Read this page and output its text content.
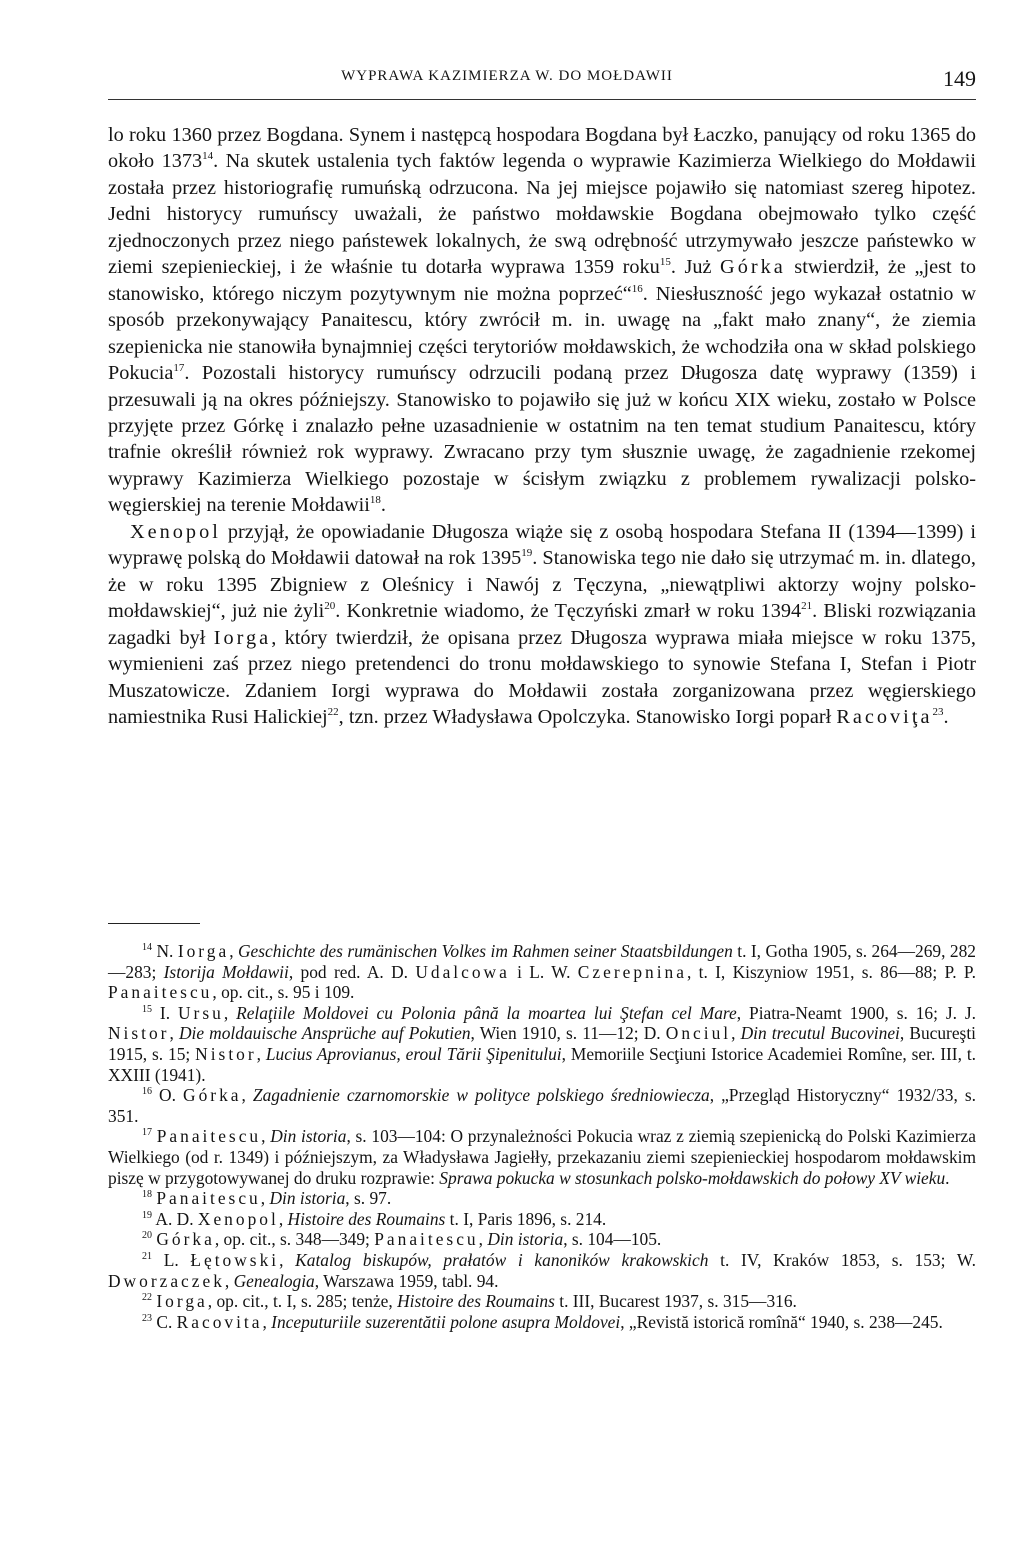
WYPRAWA KAZIMIERZA W. DO MOŁDAWII	149

lo roku 1360 przez Bogdana. Synem i następcą hospodara Bogdana był Łaczko, panujący od roku 1365 do około 1373$^{14}$. Na skutek ustalenia tych faktów legenda o wyprawie Kazimierza Wielkiego do Mołdawii została przez historiografię rumuńską odrzucona. Na jej miejsce pojawiło się natomiast szereg hipotez. Jedni historycy rumuńscy uważali, że państwo mołdawskie Bogdana obejmowało tylko część zjednoczonych przez niego państewek lokalnych, że swą odrębność utrzymywało jeszcze państewko w ziemi szepienieckiej, i że właśnie tu dotarła wyprawa 1359 roku$^{15}$. Już Górka stwierdził, że „jest to stanowisko, którego niczym pozytywnym nie można poprzeć“$^{16}$. Niesłuszność jego wykazał ostatnio w sposób przekonywający Panaitescu, który zwrócił m. in. uwagę na „fakt mało znany“, że ziemia szepienicka nie stanowiła bynajmniej części terytoriów mołdawskich, że wchodziła ona w skład polskiego Pokucia$^{17}$. Pozostali historycy rumuńscy odrzucili podaną przez Długosza datę wyprawy (1359) i przesuwali ją na okres późniejszy. Stanowisko to pojawiło się już w końcu XIX wieku, zostało w Polsce przyjęte przez Górkę i znalazło pełne uzasadnienie w ostatnim na ten temat studium Panaitescu, który trafnie określił również rok wyprawy. Zwracano przy tym słusznie uwagę, że zagadnienie rzekomej wyprawy Kazimierza Wielkiego pozostaje w ścisłym związku z problemem rywalizacji polsko-węgierskiej na terenie Mołdawii$^{18}$.

Xenopol przyjął, że opowiadanie Długosza wiąże się z osobą hospodara Stefana II (1394—1399) i wyprawę polską do Mołdawii datował na rok 1395$^{19}$. Stanowiska tego nie dało się utrzymać m. in. dlatego, że w roku 1395 Zbigniew z Oleśnicy i Nawój z Tęczyna, „niewątpliwi aktorzy wojny polsko-mołdawskiej“, już nie żyli$^{20}$. Konkretnie wiadomo, że Tęczyński zmarł w roku 1394$^{21}$. Bliski rozwiązania zagadki był Iorga, który twierdził, że opisana przez Długosza wyprawa miała miejsce w roku 1375, wymienieni zaś przez niego pretendenci do tronu mołdawskiego to synowie Stefana I, Stefan i Piotr Muszatowicze. Zdaniem Iorgi wyprawa do Mołdawii została zorganizowana przez węgierskiego namiestnika Rusi Halickiej$^{22}$, tzn. przez Władysława Opolczyka. Stanowisko Iorgi poparł Racoviţa$^{23}$.

$^{14}$ N. Iorga, Geschichte des rumänischen Volkes im Rahmen seiner Staatsbildungen t. I, Gotha 1905, s. 264—269, 282—283; Istorija Mołdawii, pod red. A. D. Udalcowa i L. W. Czerepnina, t. I, Kiszyniow 1951, s. 86—88; P. P. Panaitescu, op. cit., s. 95 i 109.

$^{15}$ I. Ursu, Relaţiile Moldovei cu Polonia până la moartea lui Ştefan cel Mare, Piatra-Neamt 1900, s. 16; J. J. Nistor, Die moldauische Ansprüche auf Pokutien, Wien 1910, s. 11—12; D. Onciul, Din trecutul Bucovinei, Bucureşti 1915, s. 15; Nistor, Lucius Aprovianus, eroul Tării Şipenitului, Memoriile Secţiuni Istorice Academiei Romîne, ser. III, t. XXIII (1941).

$^{16}$ O. Górka, Zagadnienie czarnomorskie w polityce polskiego średniowiecza, „Przegląd Historyczny“ 1932/33, s. 351.

$^{17}$ Panaitescu, Din istoria, s. 103—104: O przynależności Pokucia wraz z ziemią szepienicką do Polski Kazimierza Wielkiego (od r. 1349) i późniejszym, za Władysława Jagiełły, przekazaniu ziemi szepienieckiej hospodarom mołdawskim piszę w przygotowywanej do druku rozprawie: Sprawa pokucka w stosunkach polsko-mołdawskich do połowy XV wieku.

$^{18}$ Panaitescu, Din istoria, s. 97.

$^{19}$ A. D. Xenopol, Histoire des Roumains t. I, Paris 1896, s. 214.

$^{20}$ Górka, op. cit., s. 348—349; Panaitescu, Din istoria, s. 104—105.

$^{21}$ L. Łętowski, Katalog biskupów, prałatów i kanoników krakowskich t. IV, Kraków 1853, s. 153; W. Dworzaczek, Genealogia, Warszawa 1959, tabl. 94.

$^{22}$ Iorga, op. cit., t. I, s. 285; tenże, Histoire des Roumains t. III, Bucarest 1937, s. 315—316.

$^{23}$ C. Racovita, Inceputuriile suzerentătii polone asupra Moldovei, „Revistă istorică romînă“ 1940, s. 238—245.
